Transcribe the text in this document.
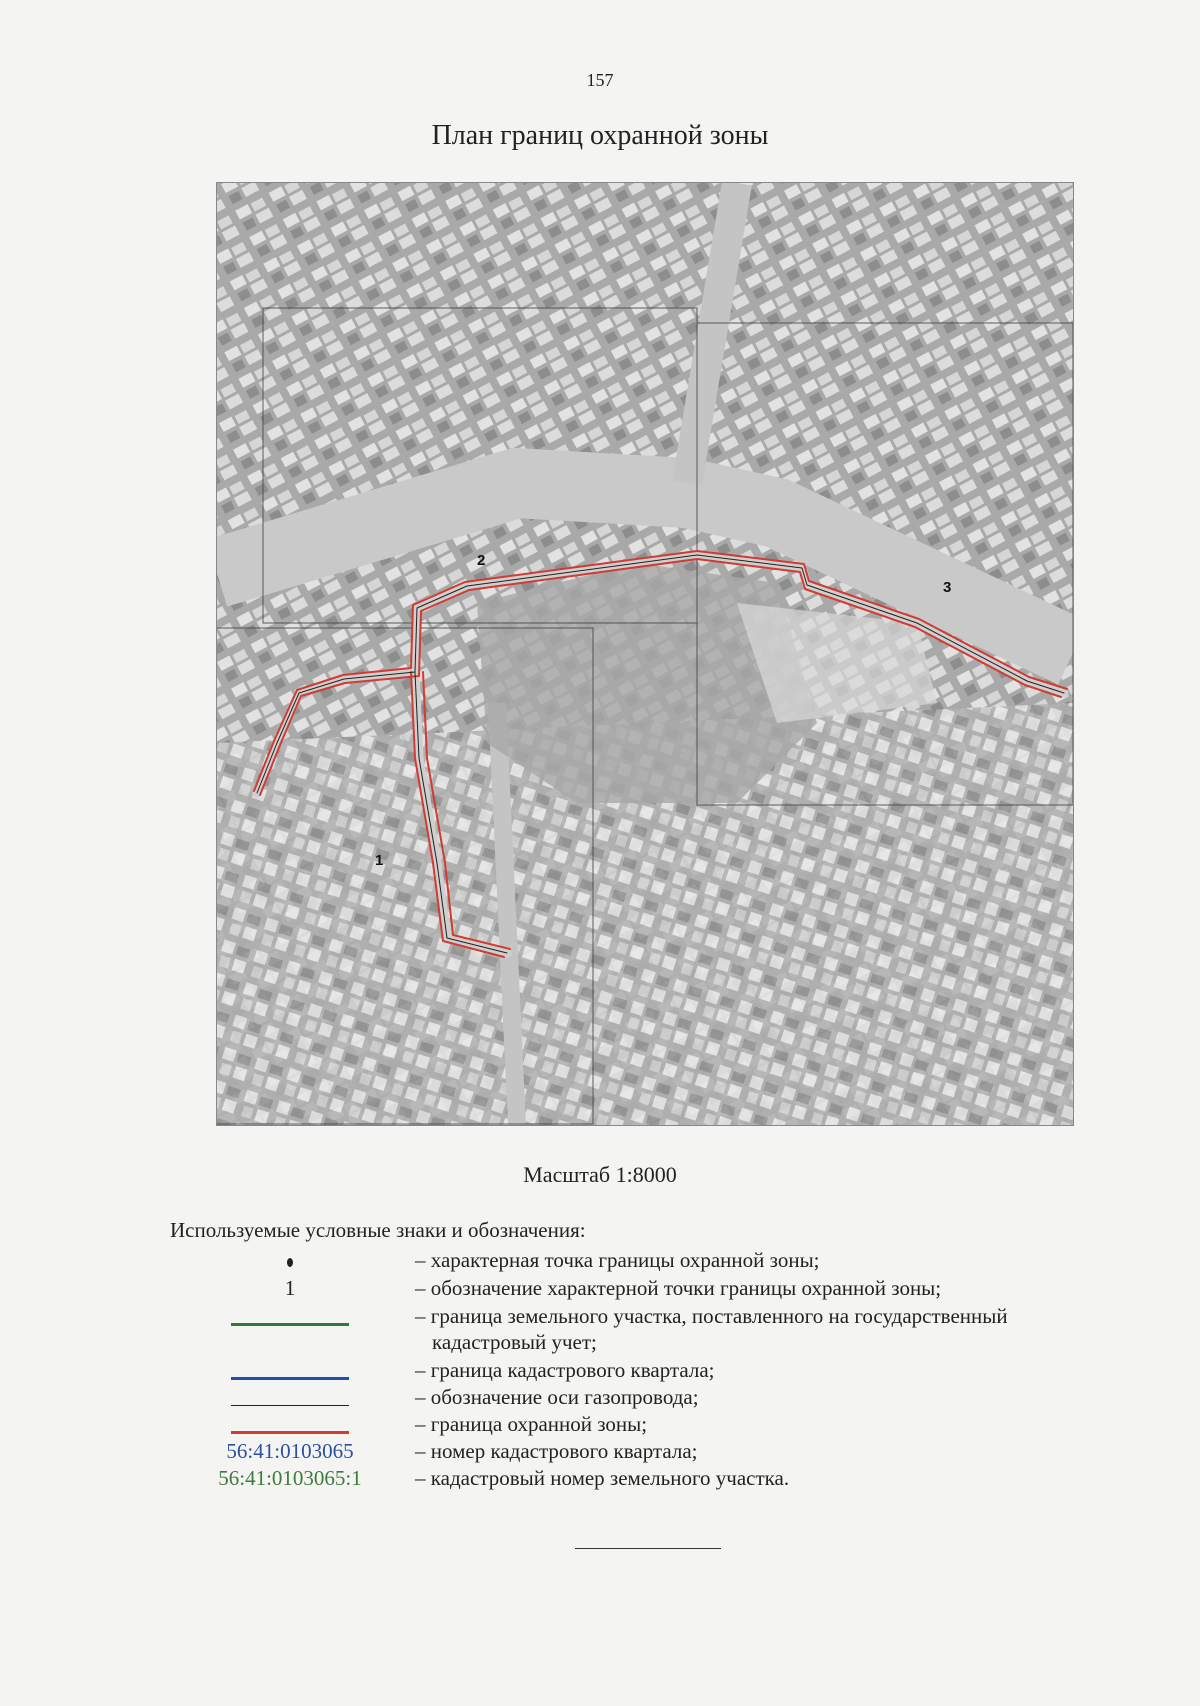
157
План границ охранной зоны
1
2
3
Масштаб 1:8000
Используемые условные знаки и обозначения:
– характерная точка границы охранной зоны;
1	– обозначение характерной точки границы охранной зоны;
– граница земельного участка, поставленного на государственный
кадастровый учет;
– граница кадастрового квартала;
– обозначение оси газопровода;
– граница охранной зоны;
56:41:0103065	– номер кадастрового квартала;
56:41:0103065:1	– кадастровый номер земельного участка.
